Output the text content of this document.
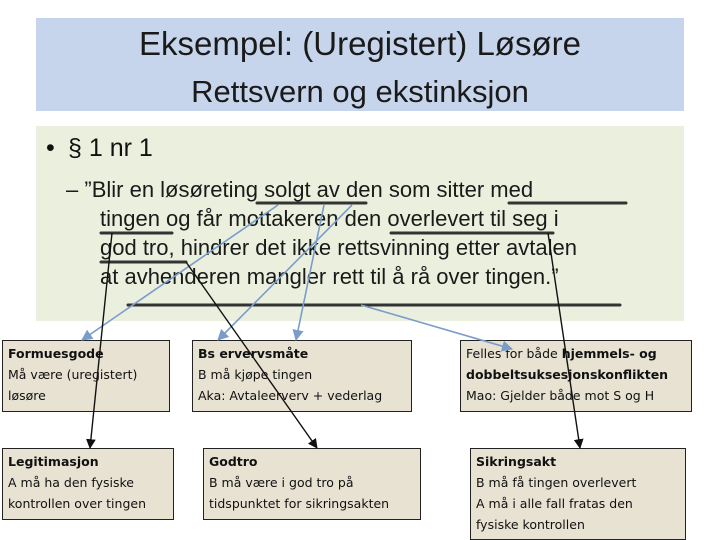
Eksempel: (Uregistert) Løsøre
Rettsvern og ekstinksjon
• § 1 nr 1
– ”Blir en løsøreting solgt av den som sitter med
tingen og får mottakeren den overlevert til seg i
god tro, hindrer det ikke rettsvinning etter avtalen
at avhenderen mangler rett til å rå over tingen.”
Formuesgode
Må være (uregistert)
løsøre
Bs ervervsmåte
B må kjøpe tingen
Aka: Avtaleerverv + vederlag
Felles for både hjemmels- og
dobbeltsuksesjonskonflikten
Mao: Gjelder både mot S og H
Legitimasjon
A må ha den fysiske
kontrollen over tingen
Godtro
B må være i god tro på
tidspunktet for sikringsakten
Sikringsakt
B må få tingen overlevert
A må i alle fall fratas den
fysiske kontrollen
